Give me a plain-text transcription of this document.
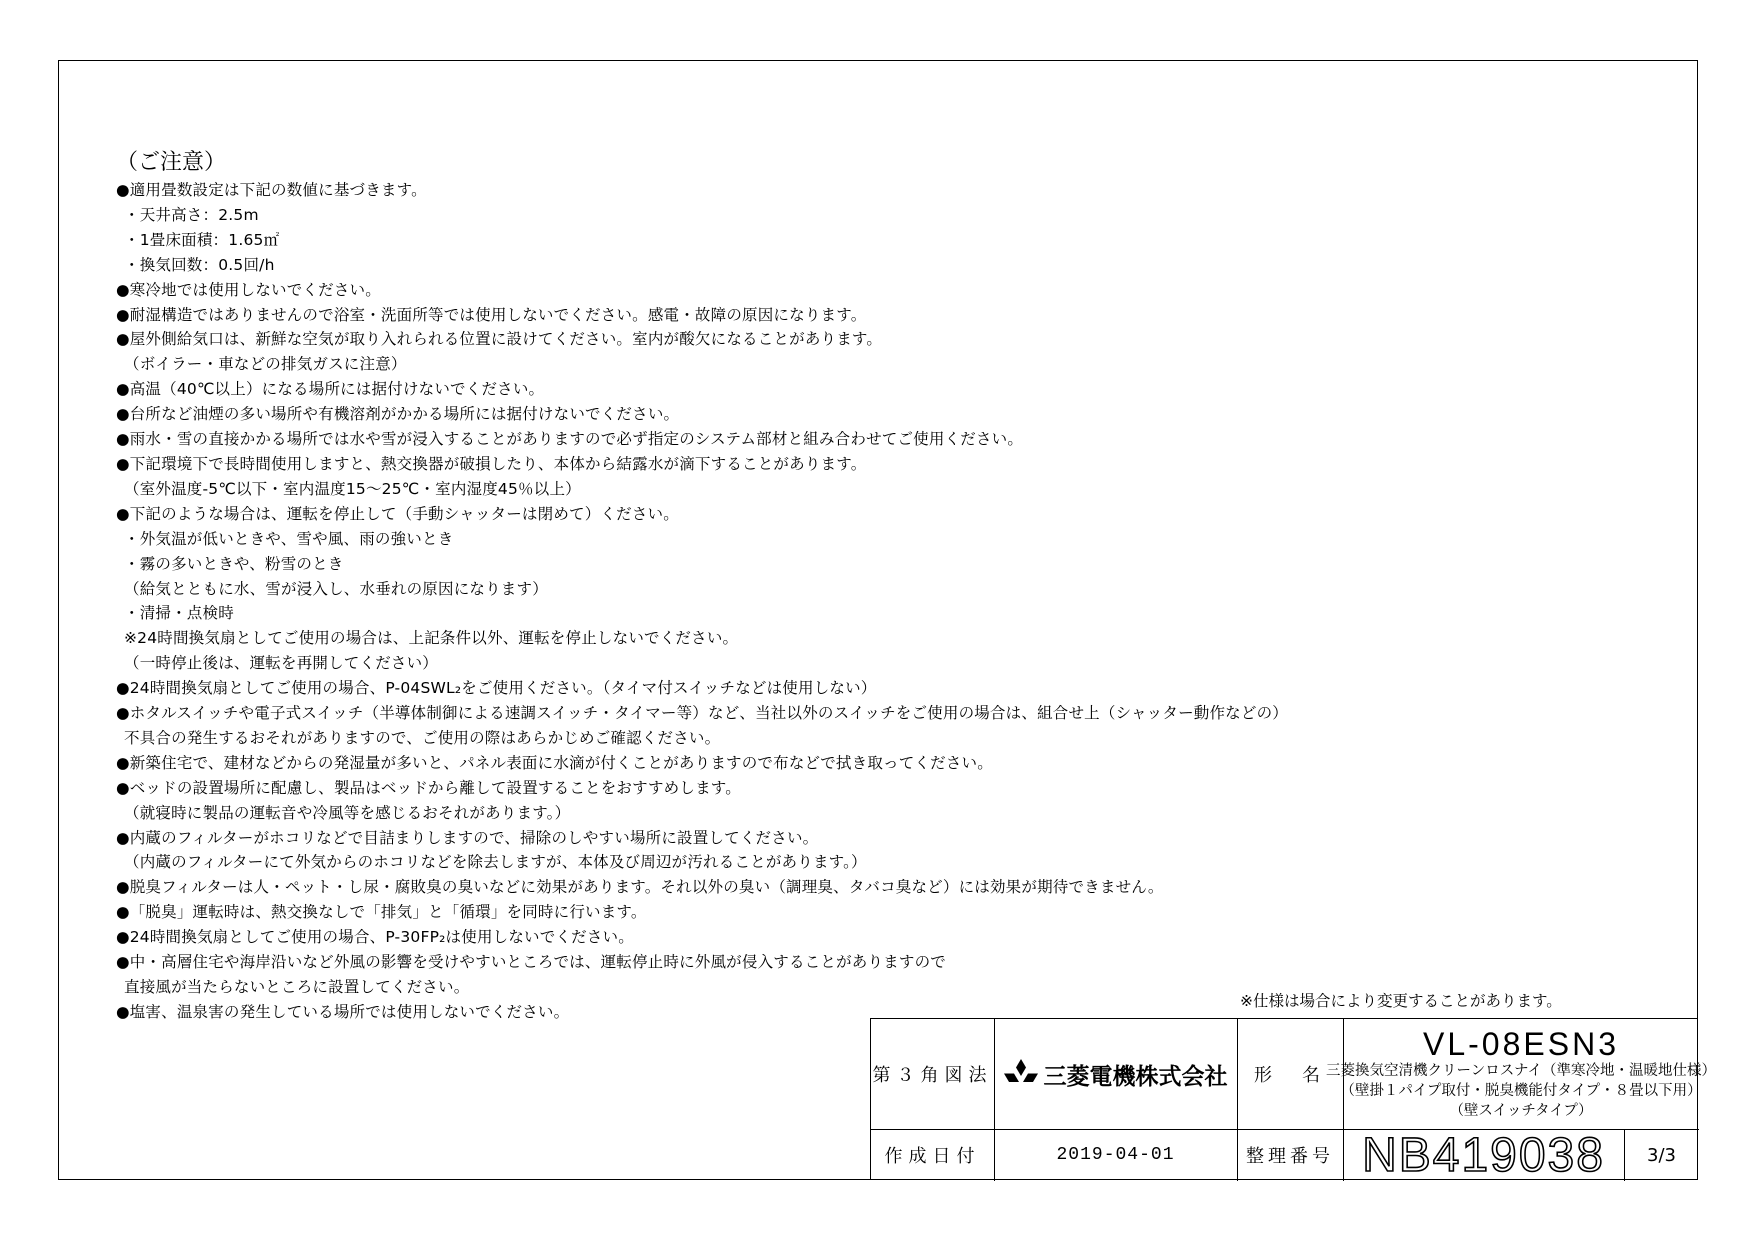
（ご注意）
●適用畳数設定は下記の数値に基づきます。
・天井高さ：2.5m
・1畳床面積：1.65㎡
・換気回数：0.5回/h
●寒冷地では使用しないでください。
●耐湿構造ではありませんので浴室・洗面所等では使用しないでください。感電・故障の原因になります。
●屋外側給気口は、新鮮な空気が取り入れられる位置に設けてください。室内が酸欠になることがあります。
（ボイラー・車などの排気ガスに注意）
●高温（40℃以上）になる場所には据付けないでください。
●台所など油煙の多い場所や有機溶剤がかかる場所には据付けないでください。
●雨水・雪の直接かかる場所では水や雪が浸入することがありますので必ず指定のシステム部材と組み合わせてご使用ください。
●下記環境下で長時間使用しますと、熱交換器が破損したり、本体から結露水が滴下することがあります。
（室外温度-5℃以下・室内温度15～25℃・室内湿度45％以上）
●下記のような場合は、運転を停止して（手動シャッターは閉めて）ください。
・外気温が低いときや、雪や風、雨の強いとき
・霧の多いときや、粉雪のとき
（給気とともに水、雪が浸入し、水垂れの原因になります）
・清掃・点検時
※24時間換気扇としてご使用の場合は、上記条件以外、運転を停止しないでください。
（一時停止後は、運転を再開してください）
●24時間換気扇としてご使用の場合、P-04SWL₂をご使用ください。（タイマ付スイッチなどは使用しない）
●ホタルスイッチや電子式スイッチ（半導体制御による速調スイッチ・タイマー等）など、当社以外のスイッチをご使用の場合は、組合せ上（シャッター動作などの）
不具合の発生するおそれがありますので、ご使用の際はあらかじめご確認ください。
●新築住宅で、建材などからの発湿量が多いと、パネル表面に水滴が付くことがありますので布などで拭き取ってください。
●ベッドの設置場所に配慮し、製品はベッドから離して設置することをおすすめします。
（就寝時に製品の運転音や冷風等を感じるおそれがあります。）
●内蔵のフィルターがホコリなどで目詰まりしますので、掃除のしやすい場所に設置してください。
（内蔵のフィルターにて外気からのホコリなどを除去しますが、本体及び周辺が汚れることがあります。）
●脱臭フィルターは人・ペット・し尿・腐敗臭の臭いなどに効果があります。それ以外の臭い（調理臭、タバコ臭など）には効果が期待できません。
●「脱臭」運転時は、熱交換なしで「排気」と「循環」を同時に行います。
●24時間換気扇としてご使用の場合、P-30FP₂は使用しないでください。
●中・高層住宅や海岸沿いなど外風の影響を受けやすいところでは、運転停止時に外風が侵入することがありますので
直接風が当たらないところに設置してください。
●塩害、温泉害の発生している場所では使用しないでください。
※仕様は場合により変更することがあります。
第３角図法 三菱電機株式会社 形　名
VL-08ESN3
三菱換気空清機クリーンロスナイ（準寒冷地・温暖地仕様）
（壁掛１パイプ取付・脱臭機能付タイプ・８畳以下用）
（壁スイッチタイプ）
作成日付	2019-04-01	整理番号 NB419038 3/3
